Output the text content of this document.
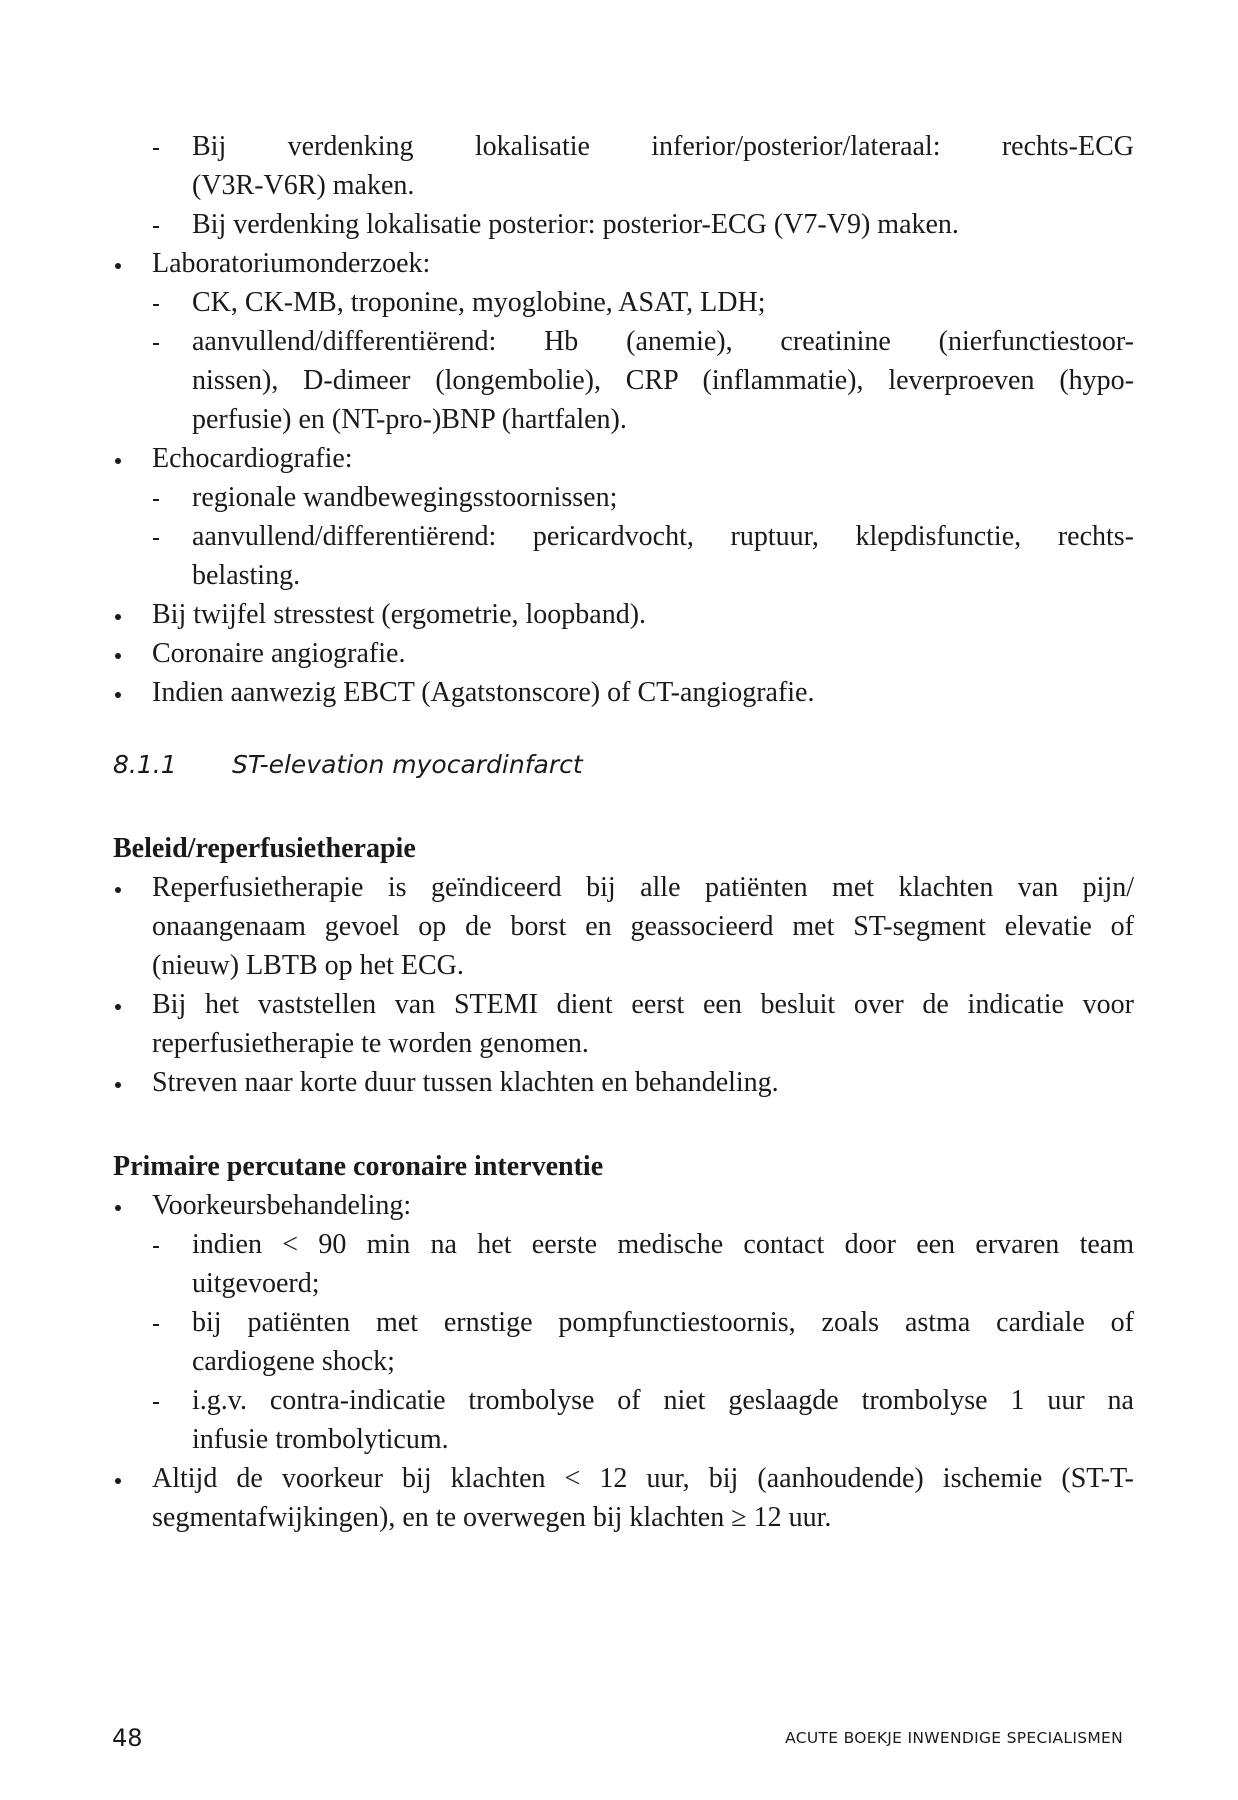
Bij verdenking lokalisatie inferior/posterior/lateraal: rechts-ECG
(V3R-V6R) maken.
Bij verdenking lokalisatie posterior: posterior-ECG (V7-V9) maken.
Laboratoriumonderzoek:
CK, CK-MB, troponine, myoglobine, ASAT, LDH;
aanvullend/differentiërend: Hb (anemie), creatinine (nierfunctiestoor-
nissen), D-dimeer (longembolie), CRP (inflammatie), leverproeven (hypo-
perfusie) en (NT-pro-)BNP (hartfalen).
Echocardiografie:
regionale wandbewegingsstoornissen;
aanvullend/differentiërend: pericardvocht, ruptuur, klepdisfunctie, rechts-
belasting.
Bij twijfel stresstest (ergometrie, loopband).
Coronaire angiografie.
Indien aanwezig EBCT (Agatstonscore) of CT-angiografie.
8.1.1 ST-elevation myocardinfarct
Beleid/reperfusietherapie
Reperfusietherapie is geïndiceerd bij alle patiënten met klachten van pijn/
onaangenaam gevoel op de borst en geassocieerd met ST-segment elevatie of
(nieuw) LBTB op het ECG.
Bij het vaststellen van STEMI dient eerst een besluit over de indicatie voor
reperfusietherapie te worden genomen.
Streven naar korte duur tussen klachten en behandeling.
Primaire percutane coronaire interventie
Voorkeursbehandeling:
indien < 90 min na het eerste medische contact door een ervaren team
uitgevoerd;
bij patiënten met ernstige pompfunctiestoornis, zoals astma cardiale of
cardiogene shock;
i.g.v. contra-indicatie trombolyse of niet geslaagde trombolyse 1 uur na
infusie trombolyticum.
Altijd de voorkeur bij klachten < 12 uur, bij (aanhoudende) ischemie (ST-T-
segmentafwijkingen), en te overwegen bij klachten ≥ 12 uur.
48	ACUTE BOEKJE INWENDIGE SPECIALISMEN
